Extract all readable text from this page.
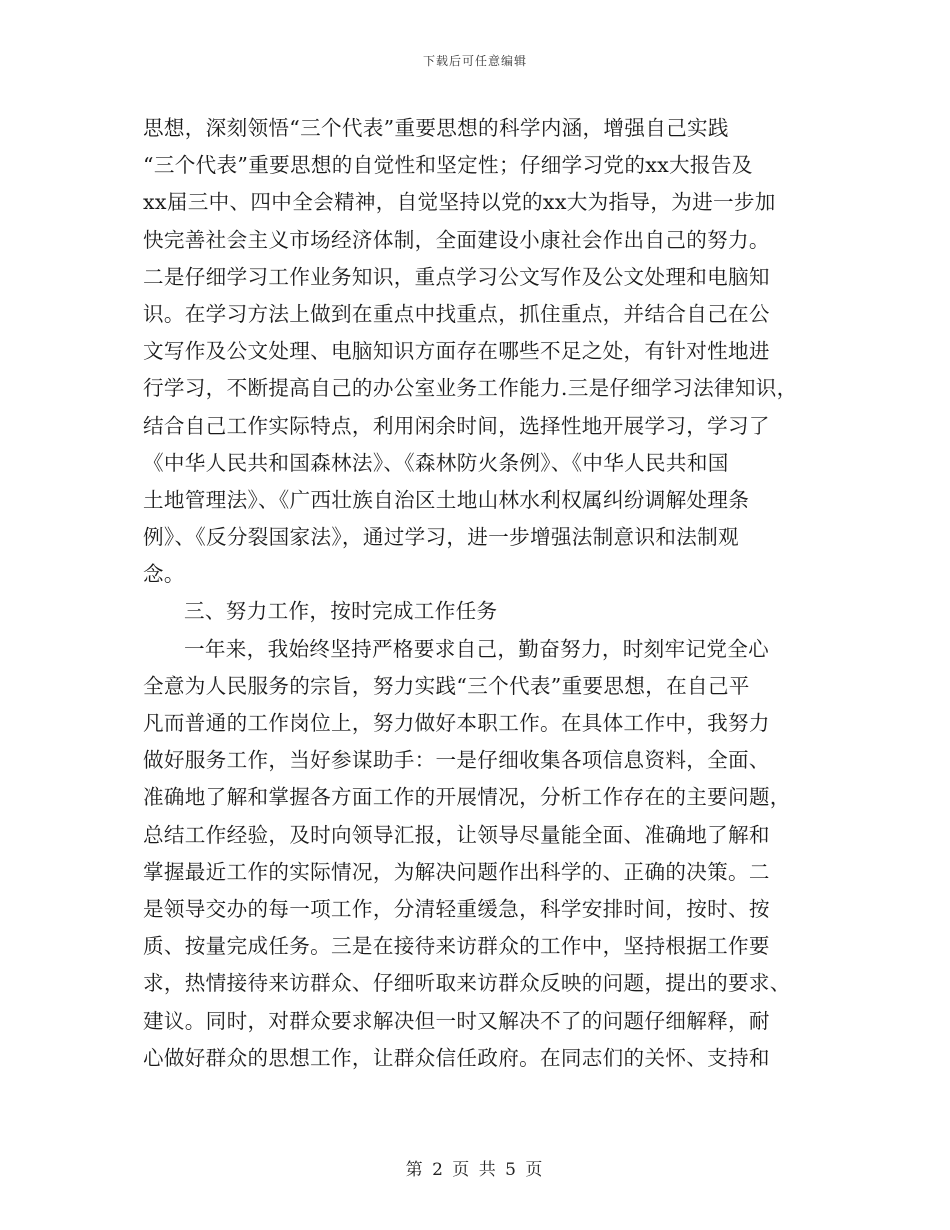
下载后可任意编辑
思想，深刻领悟“三个代表”重要思想的科学内涵，增强自己实践
“三个代表”重要思想的自觉性和坚定性；仔细学习党的xx大报告及
xx届三中、四中全会精神，自觉坚持以党的xx大为指导，为进一步加
快完善社会主义市场经济体制，全面建设小康社会作出自己的努力。
二是仔细学习工作业务知识，重点学习公文写作及公文处理和电脑知
识。在学习方法上做到在重点中找重点，抓住重点，并结合自己在公
文写作及公文处理、电脑知识方面存在哪些不足之处，有针对性地进
行学习，不断提高自己的办公室业务工作能力.三是仔细学习法律知识，
结合自己工作实际特点，利用闲余时间，选择性地开展学习，学习了
《中华人民共和国森林法》、《森林防火条例》、《中华人民共和国
土地管理法》、《广西壮族自治区土地山林水利权属纠纷调解处理条
例》、《反分裂国家法》，通过学习，进一步增强法制意识和法制观
念。
三、努力工作，按时完成工作任务
一年来，我始终坚持严格要求自己，勤奋努力，时刻牢记党全心
全意为人民服务的宗旨，努力实践“三个代表”重要思想，在自己平
凡而普通的工作岗位上，努力做好本职工作。在具体工作中，我努力
做好服务工作，当好参谋助手：一是仔细收集各项信息资料，全面、
准确地了解和掌握各方面工作的开展情况，分析工作存在的主要问题，
总结工作经验，及时向领导汇报，让领导尽量能全面、准确地了解和
掌握最近工作的实际情况，为解决问题作出科学的、正确的决策。二
是领导交办的每一项工作，分清轻重缓急，科学安排时间，按时、按
质、按量完成任务。三是在接待来访群众的工作中，坚持根据工作要
求，热情接待来访群众、仔细听取来访群众反映的问题，提出的要求、
建议。同时，对群众要求解决但一时又解决不了的问题仔细解释，耐
心做好群众的思想工作，让群众信任政府。在同志们的关怀、支持和
第 2 页 共 5 页
